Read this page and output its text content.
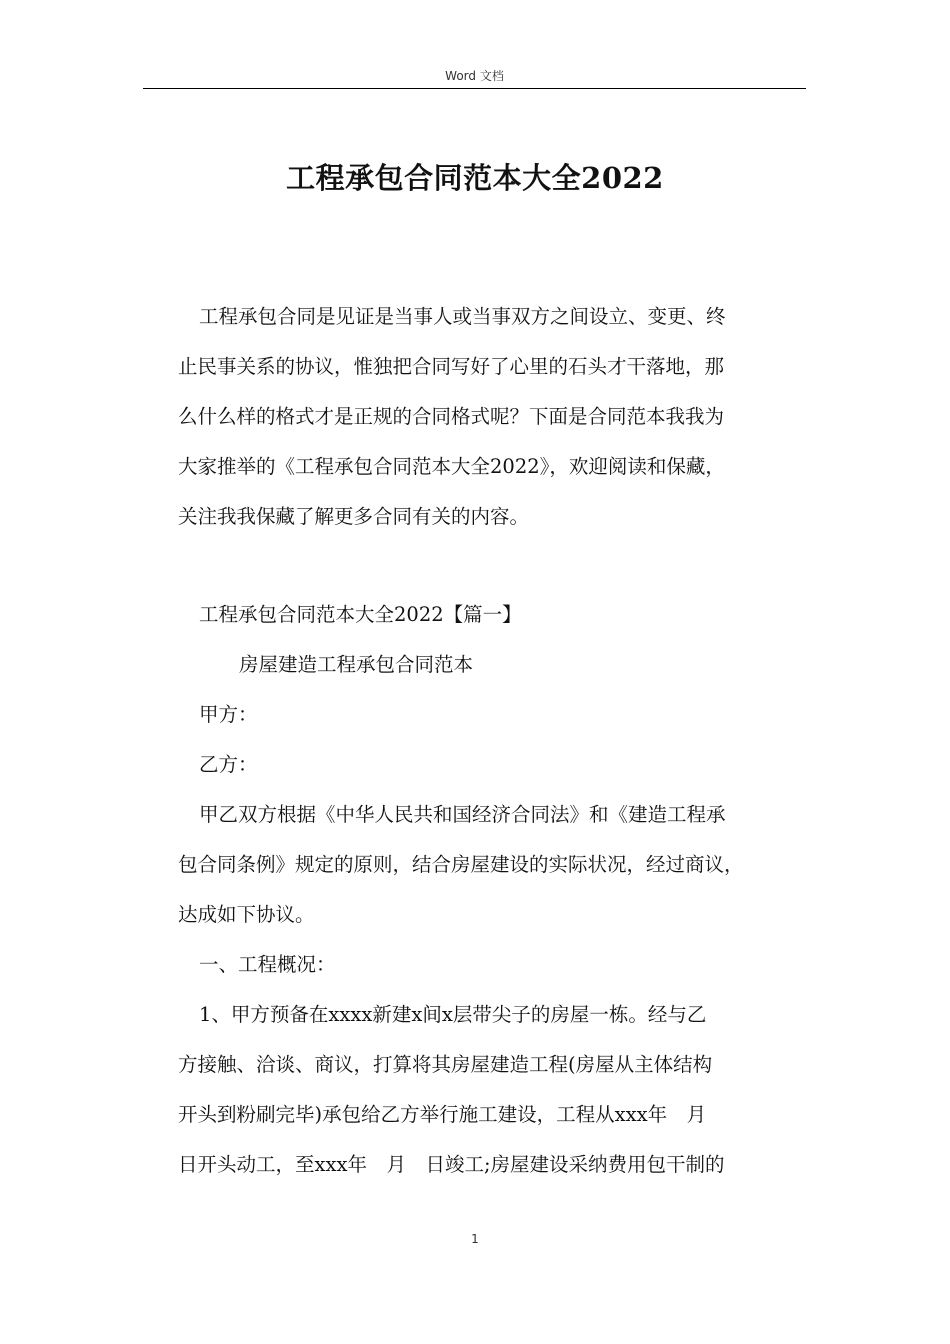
Word 文档
工程承包合同范本大全2022
工程承包合同是见证是当事人或当事双方之间设立、变更、终
止民事关系的协议，惟独把合同写好了心里的石头才干落地，那
么什么样的格式才是正规的合同格式呢？下面是合同范本我我为
大家推举的《工程承包合同范本大全2022》，欢迎阅读和保藏，
关注我我保藏了解更多合同有关的内容。
工程承包合同范本大全2022【篇一】
房屋建造工程承包合同范本
甲方：
乙方：
甲乙双方根据《中华人民共和国经济合同法》和《建造工程承
包合同条例》规定的原则，结合房屋建设的实际状况，经过商议，
达成如下协议。
一、工程概况：
1、甲方预备在xxxx新建x间x层带尖子的房屋一栋。经与乙
方接触、洽谈、商议，打算将其房屋建造工程(房屋从主体结构
开头到粉刷完毕)承包给乙方举行施工建设，工程从xxx年　月
日开头动工，至xxx年　月　日竣工;房屋建设采纳费用包干制的
1
